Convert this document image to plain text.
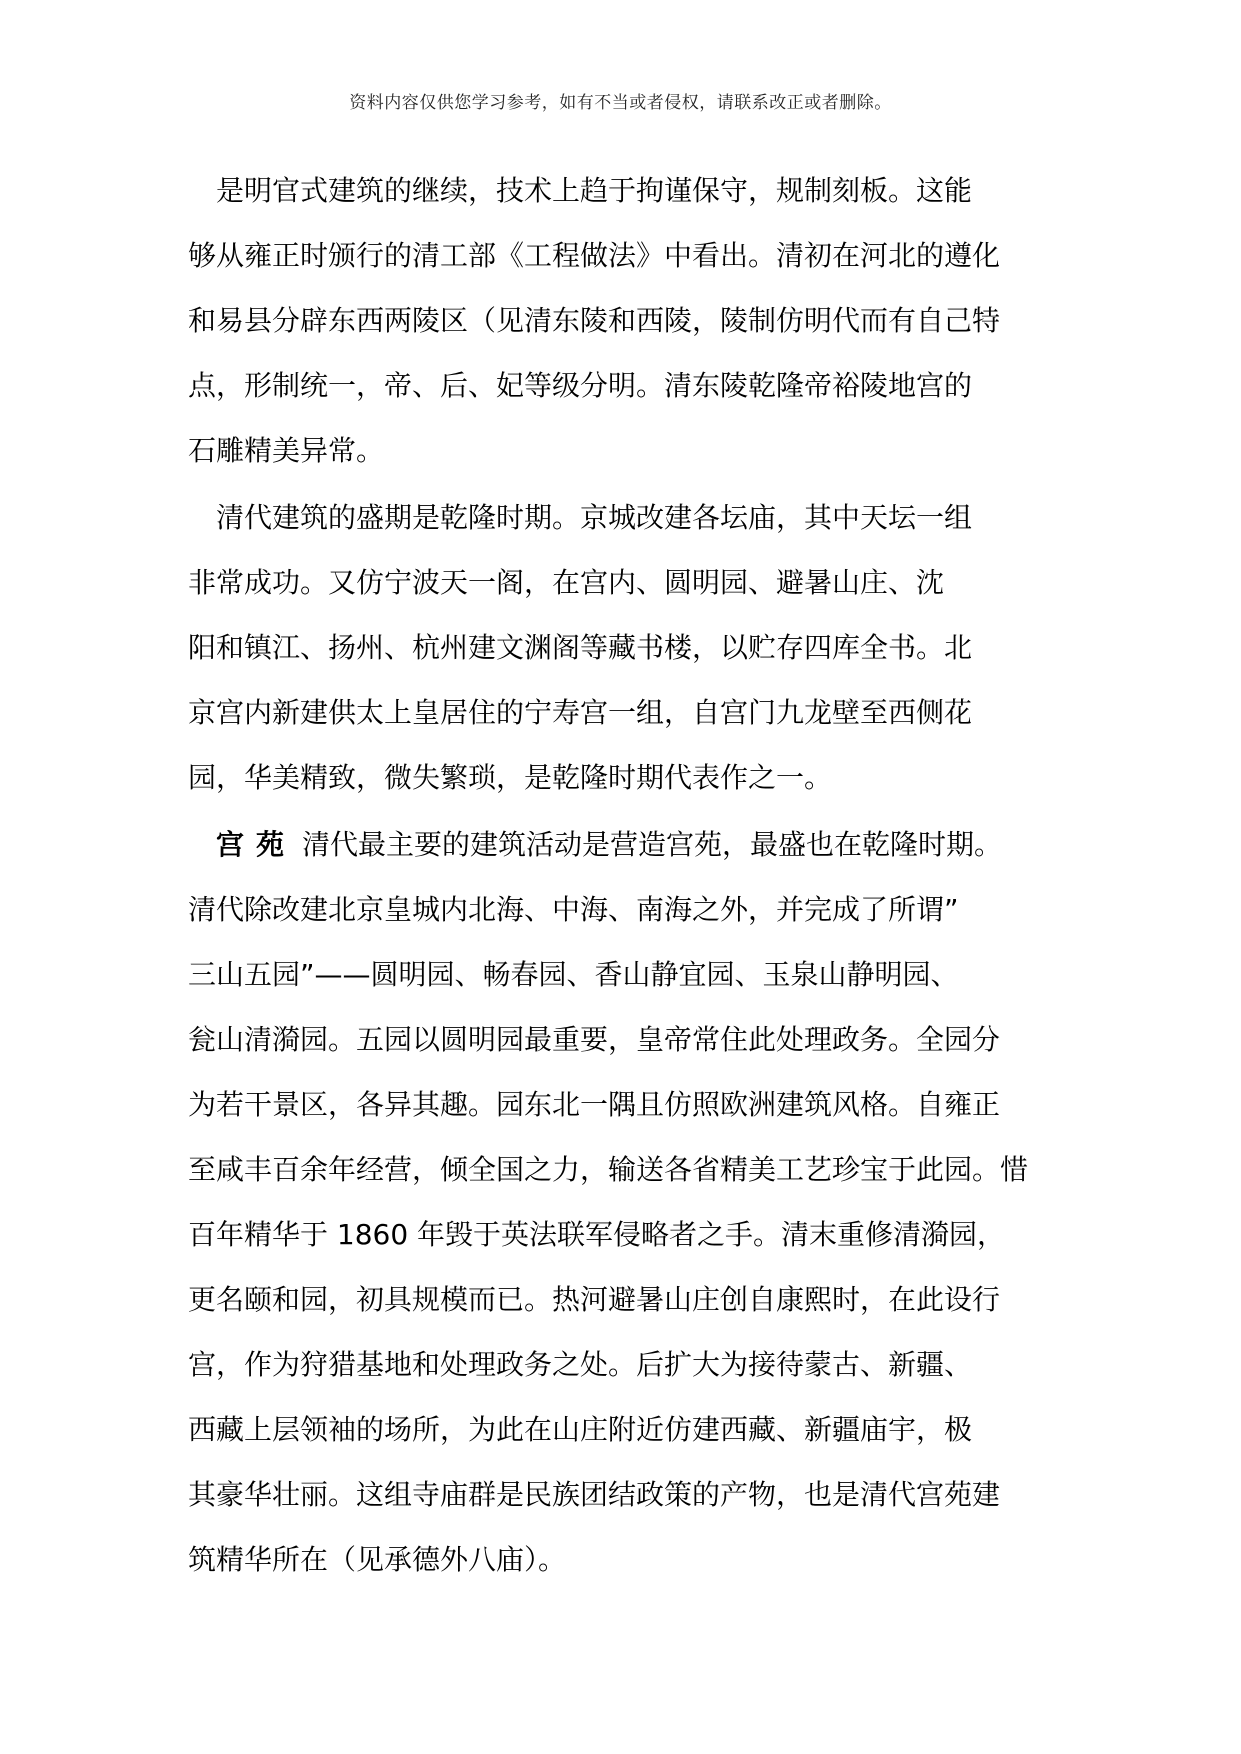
资料内容仅供您学习参考，如有不当或者侵权，请联系改正或者删除。
　是明官式建筑的继续，技术上趋于拘谨保守，规制刻板。这能
够从雍正时颁行的清工部《工程做法》中看出。清初在河北的遵化
和易县分辟东西两陵区（见清东陵和西陵，陵制仿明代而有自己特
点，形制统一，帝、后、妃等级分明。清东陵乾隆帝裕陵地宫的
石雕精美异常。
　清代建筑的盛期是乾隆时期。京城改建各坛庙，其中天坛一组
非常成功。又仿宁波天一阁，在宫内、圆明园、避暑山庄、沈
阳和镇江、扬州、杭州建文渊阁等藏书楼，以贮存四库全书。北
京宫内新建供太上皇居住的宁寿宫一组，自宫门九龙壁至西侧花
园，华美精致，微失繁琐，是乾隆时期代表作之一。
　宫苑 清代最主要的建筑活动是营造宫苑，最盛也在乾隆时期。
清代除改建北京皇城内北海、中海、南海之外，并完成了所谓”
三山五园”——圆明园、畅春园、香山静宜园、玉泉山静明园、
瓮山清漪园。五园以圆明园最重要，皇帝常住此处理政务。全园分
为若干景区，各异其趣。园东北一隅且仿照欧洲建筑风格。自雍正
至咸丰百余年经营，倾全国之力，输送各省精美工艺珍宝于此园。惜
百年精华于 1860 年毁于英法联军侵略者之手。清末重修清漪园，
更名颐和园，初具规模而已。热河避暑山庄创自康熙时，在此设行
宫，作为狩猎基地和处理政务之处。后扩大为接待蒙古、新疆、
西藏上层领袖的场所，为此在山庄附近仿建西藏、新疆庙宇，极
其豪华壮丽。这组寺庙群是民族团结政策的产物，也是清代宫苑建
筑精华所在（见承德外八庙）。
